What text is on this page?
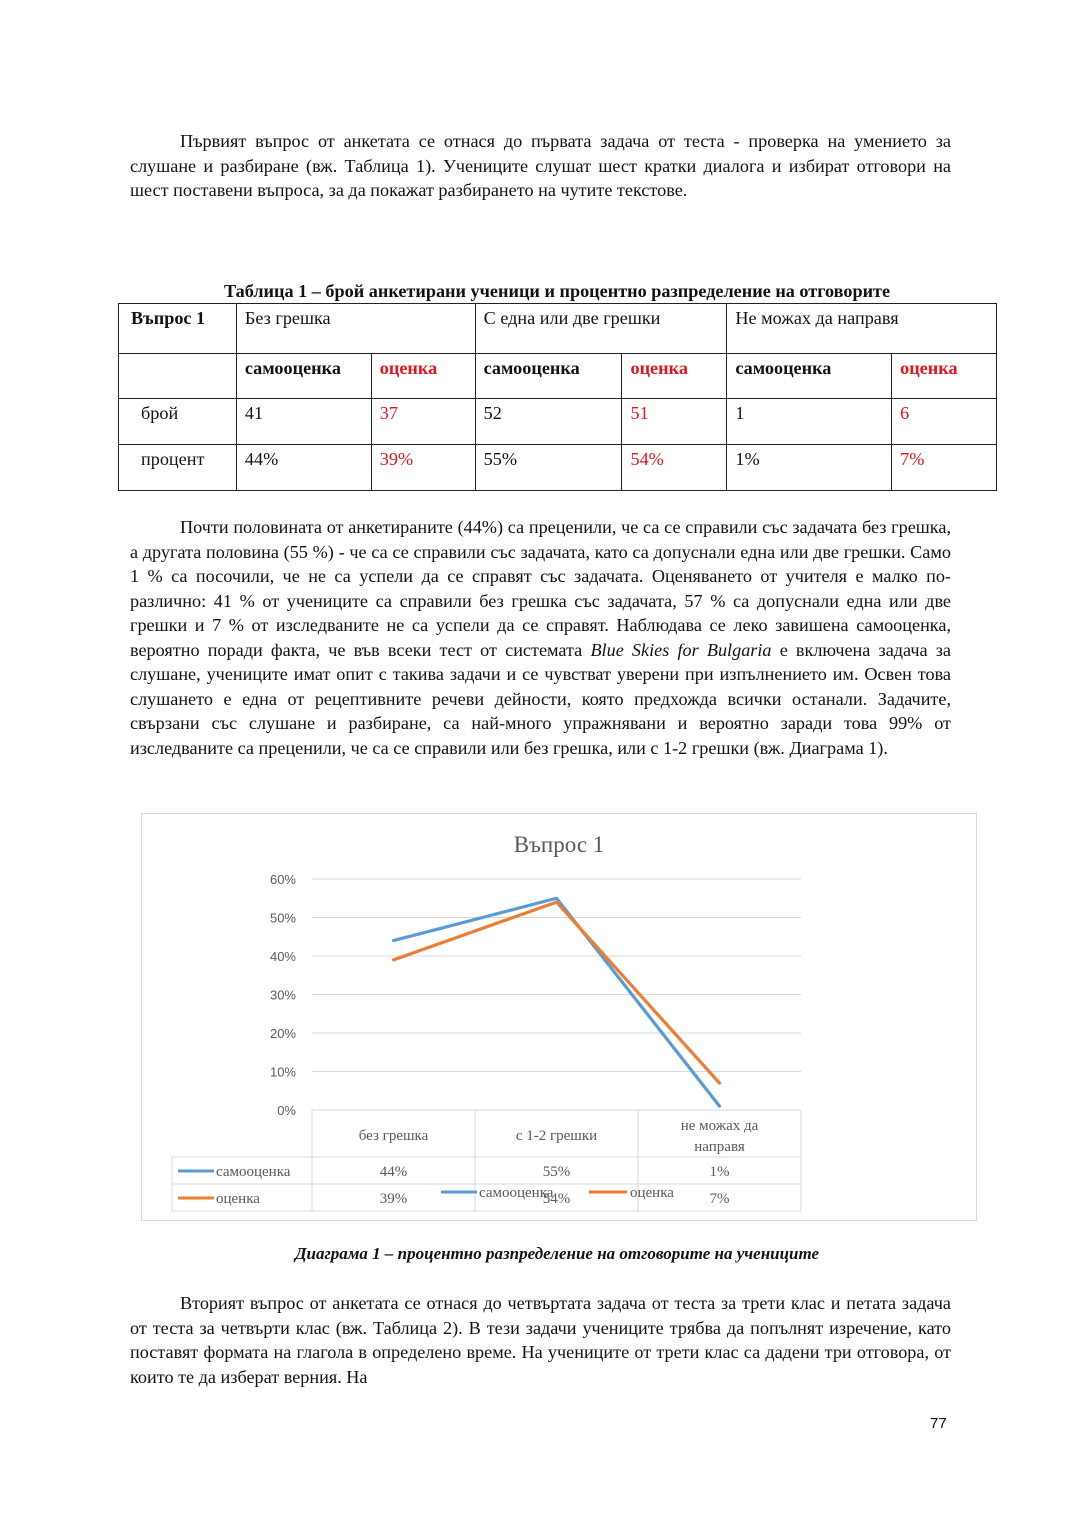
Първият въпрос от анкетата се отнася до първата задача от теста - проверка на умението за слушане и разбиране (вж. Таблица 1). Учениците слушат шест кратки диалога и избират отговори на шест поставени въпроса, за да покажат разбирането на чутите текстове.

Таблица 1 – брой анкетирани ученици и процентно разпределение на отговорите
Въпрос 1	Без грешка		С една или две грешки		Не можах да направя	
	самооценка	оценка	самооценка	оценка	самооценка	оценка
брой	41	37	52	51	1	6
процент	44%	39%	55%	54%	1%	7%

Почти половината от анкетираните (44%) са преценили, че са се справили със задачата без грешка, а другата половина (55 %) - че са се справили със задачата, като са допуснали една или две грешки. Само 1 % са посочили, че не са успели да се справят със задачата. Оценяването от учителя е малко по-различно: 41 % от учениците са справили без грешка със задачата, 57 % са допуснали една или две грешки и 7 % от изследваните не са успели да се справят. Наблюдава се леко завишена самооценка, вероятно поради факта, че във всеки тест от системата Blue Skies for Bulgaria е включена задача за слушане, учениците имат опит с такива задачи и се чувстват уверени при изпълнението им. Освен това слушането е една от рецептивните речеви дейности, която предхожда всички останали. Задачите, свързани със слушане и разбиране, са най-много упражнявани и вероятно заради това 99% от изследваните са преценили, че са се справили или без грешка, или с 1-2 грешки (вж. Диаграма 1).

Въпрос 1
0%
10%
20%
30%
40%
50%
60%
без грешка	с 1-2 грешки
не можах да направя
самооценка	44%	55%	1%
оценка	39%	54%	7%
самооценка	оценка
Диаграма 1 – процентно разпределение на отговорите на учениците

Вторият въпрос от анкетата се отнася до четвъртата задача от теста за трети клас и петата задача от теста за четвърти клас (вж. Таблица 2). В тези задачи учениците трябва да попълнят изречение, като поставят формата на глагола в определено време. На учениците от трети клас са дадени три отговора, от които те да изберат верния. На

77
